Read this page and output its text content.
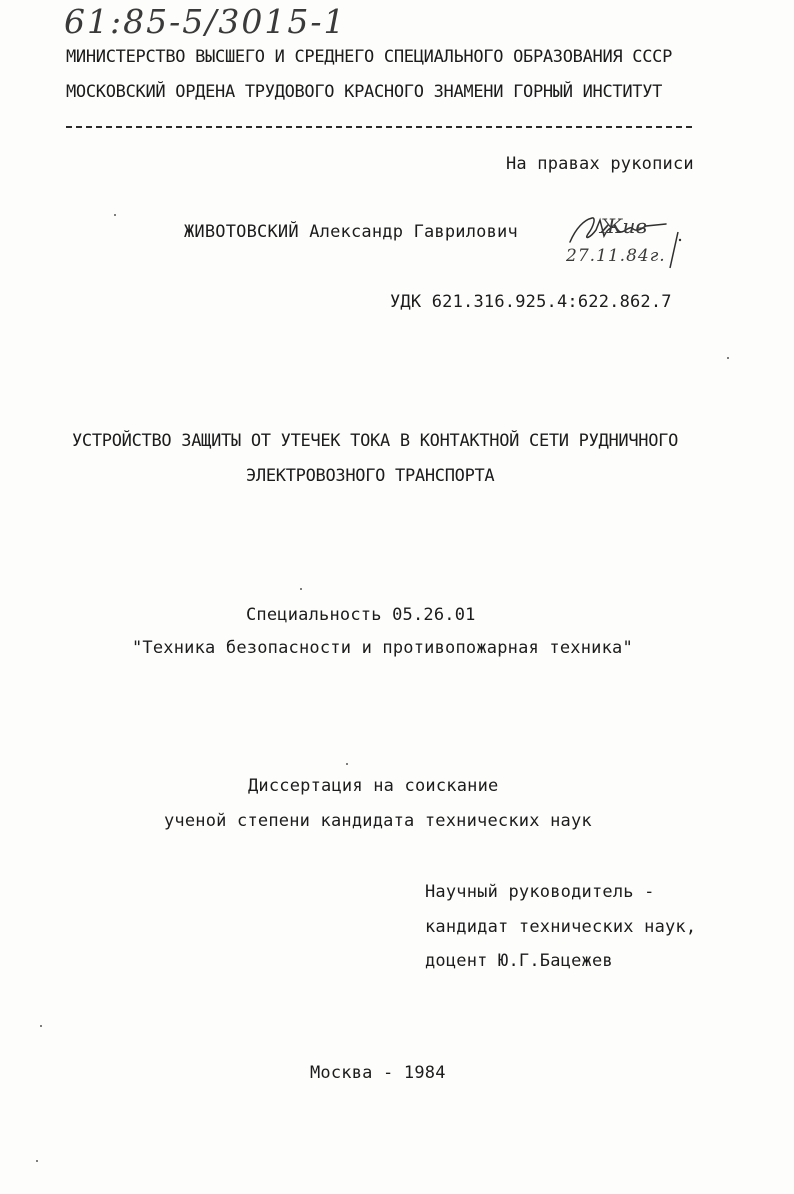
61:85-5/3015-1
МИНИСТЕРСТВО ВЫСШЕГО И СРЕДНЕГО СПЕЦИАЛЬНОГО ОБРАЗОВАНИЯ СССР
МОСКОВСКИЙ ОРДЕНА ТРУДОВОГО КРАСНОГО ЗНАМЕНИ ГОРНЫЙ ИНСТИТУТ
На правах рукописи
ЖИВОТОВСКИЙ Александр Гаврилович	Жив
27.11.84г.
УДК 621.316.925.4:622.862.7
УСТРОЙСТВО ЗАЩИТЫ ОТ УТЕЧЕК ТОКА В КОНТАКТНОЙ СЕТИ РУДНИЧНОГО
ЭЛЕКТРОВОЗНОГО ТРАНСПОРТА
Специальность 05.26.01
"Техника безопасности и противопожарная техника"
Диссертация на соискание
ученой степени кандидата технических наук
Научный руководитель -
кандидат технических наук,
доцент Ю.Г.Бацежев
Москва - 1984
